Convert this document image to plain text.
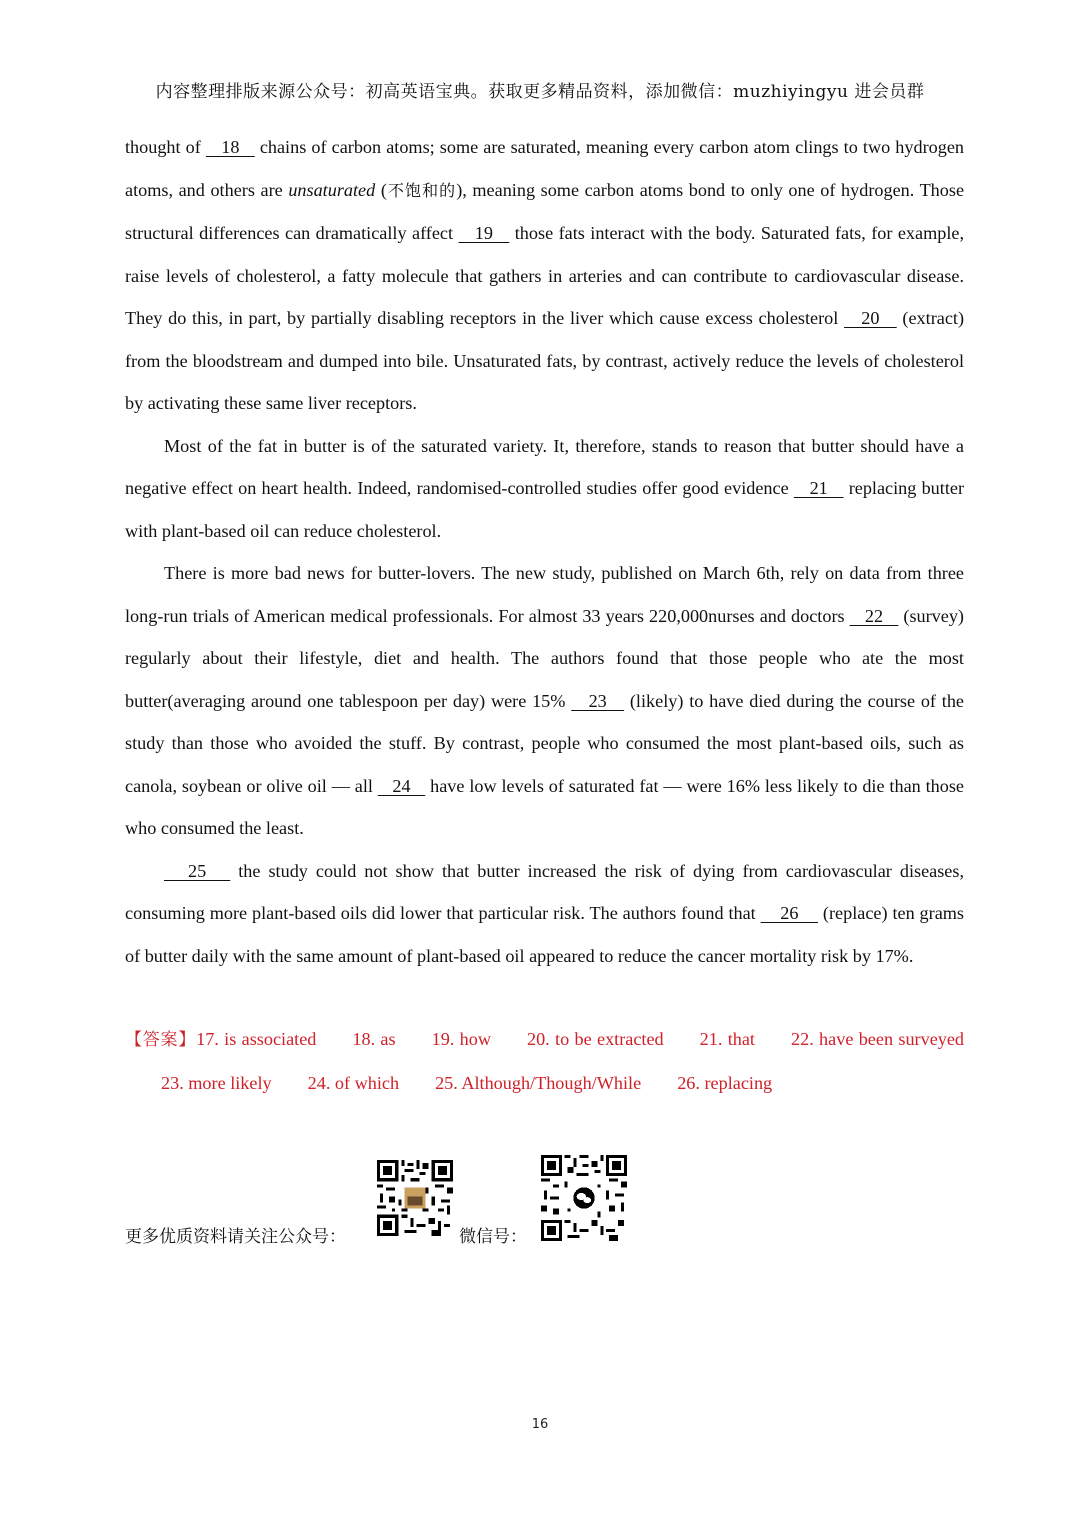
内容整理排版来源公众号：初高英语宝典。获取更多精品资料，添加微信：muzhiyingyu 进会员群

thought of    18    chains of carbon atoms; some are saturated, meaning every carbon atom clings to two hydrogen atoms, and others are unsaturated (不饱和的), meaning some carbon atoms bond to only one of hydrogen. Those structural differences can dramatically affect    19    those fats interact with the body. Saturated fats, for example, raise levels of cholesterol, a fatty molecule that gathers in arteries and can contribute to cardiovascular disease. They do this, in part, by partially disabling receptors in the liver which cause excess cholesterol    20    (extract) from the bloodstream and dumped into bile. Unsaturated fats, by contrast, actively reduce the levels of cholesterol by activating these same liver receptors.

Most of the fat in butter is of the saturated variety. It, therefore, stands to reason that butter should have a negative effect on heart health. Indeed, randomised-controlled studies offer good evidence    21    replacing butter with plant-based oil can reduce cholesterol.

There is more bad news for butter-lovers. The new study, published on March 6th, rely on data from three long-run trials of American medical professionals. For almost 33 years 220,000nurses and doctors    22    (survey) regularly about their lifestyle, diet and health. The authors found that those people who ate the most butter(averaging around one tablespoon per day) were 15%    23    (likely) to have died during the course of the study than those who avoided the stuff. By contrast, people who consumed the most plant-based oils, such as canola, soybean or olive oil — all    24    have low levels of saturated fat — were 16% less likely to die than those who consumed the least.

25    the study could not show that butter increased the risk of dying from cardiovascular diseases, consuming more plant-based oils did lower that particular risk. The authors found that     26     (replace) ten grams of butter daily with the same amount of plant-based oil appeared to reduce the cancer mortality risk by 17%.

【答案】17. is associated 18. as 19. how 20. to be extracted 21. that 22. have been surveyed23. more likely 24. of which 25. Although/Though/While 26. replacing
更多优质资料请关注公众号：	微信号：
16
